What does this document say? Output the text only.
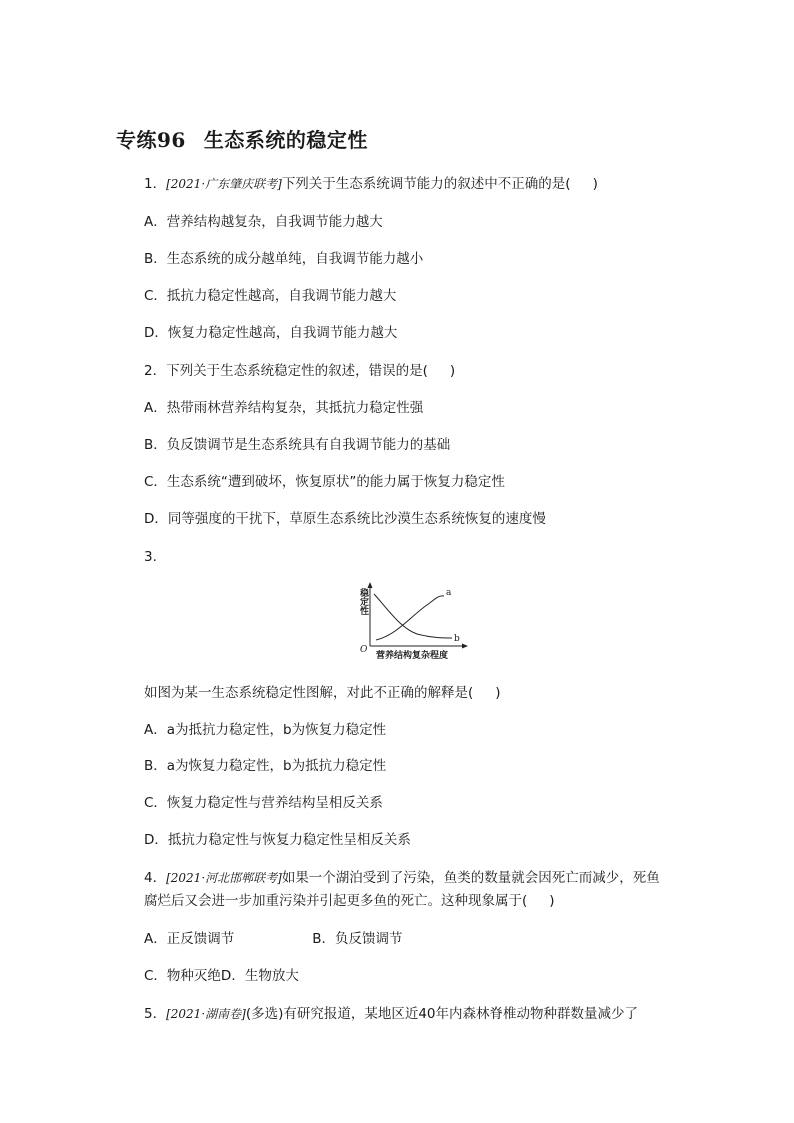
专练96 生态系统的稳定性
1．[2021·广东肇庆联考]下列关于生态系统调节能力的叙述中不正确的是( )
A．营养结构越复杂，自我调节能力越大
B．生态系统的成分越单纯，自我调节能力越小
C．抵抗力稳定性越高，自我调节能力越大
D．恢复力稳定性越高，自我调节能力越大
2．下列关于生态系统稳定性的叙述，错误的是( )
A．热带雨林营养结构复杂，其抵抗力稳定性强
B．负反馈调节是生态系统具有自我调节能力的基础
C．生态系统“遭到破坏，恢复原状”的能力属于恢复力稳定性
D．同等强度的干扰下，草原生态系统比沙漠生态系统恢复的速度慢
3.
a
b
O
稳定性
营养结构复杂程度
如图为某一生态系统稳定性图解，对此不正确的解释是( )
A．a为抵抗力稳定性，b为恢复力稳定性
B．a为恢复力稳定性，b为抵抗力稳定性
C．恢复力稳定性与营养结构呈相反关系
D．抵抗力稳定性与恢复力稳定性呈相反关系
4．[2021·河北邯郸联考]如果一个湖泊受到了污染，鱼类的数量就会因死亡而减少，死鱼
腐烂后又会进一步加重污染并引起更多鱼的死亡。这种现象属于( )
A．正反馈调节	B．负反馈调节
C．物种灭绝D．生物放大
5．[2021·湖南卷](多选)有研究报道，某地区近40年内森林脊椎动物种群数量减少了
